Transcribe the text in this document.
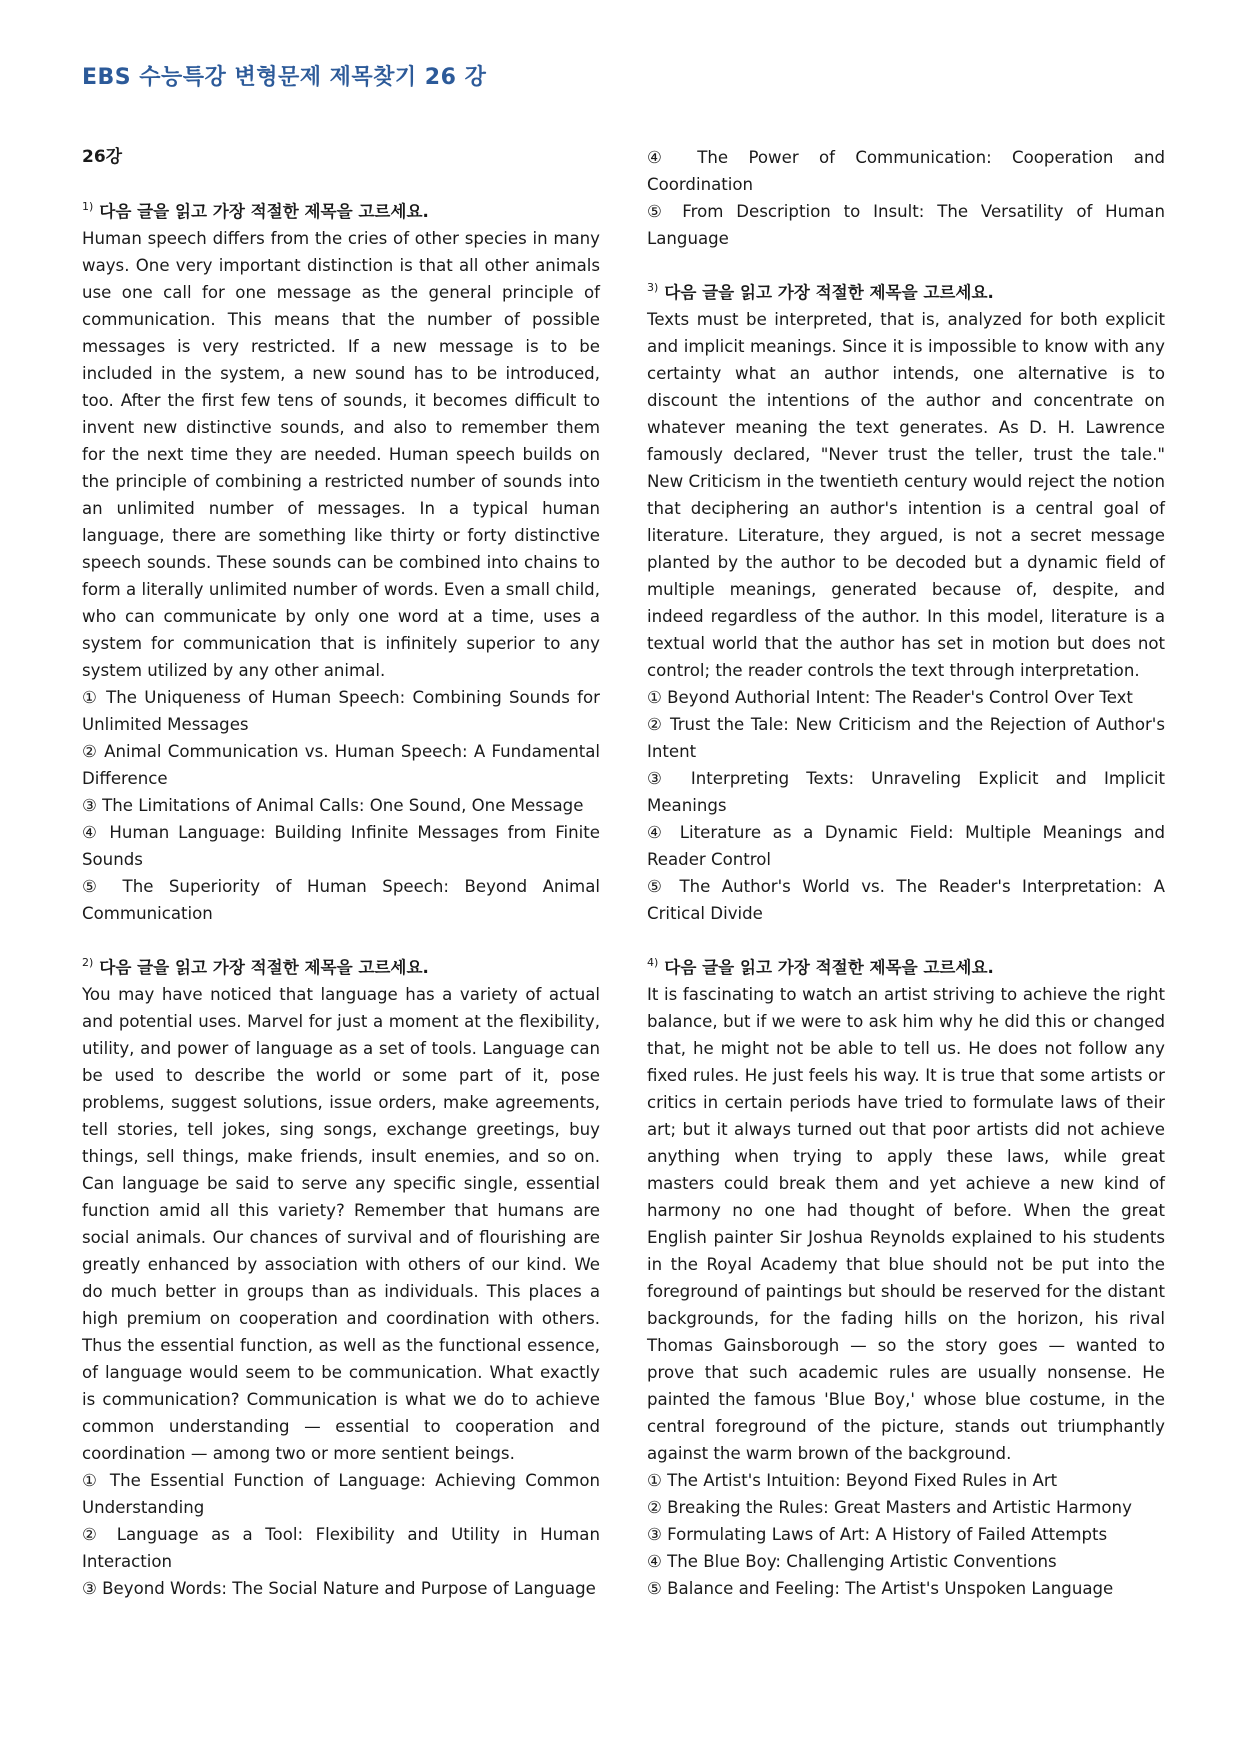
EBS 수능특강 변형문제 제목찾기 26 강
26강
$^{1)}$ 다음 글을 읽고 가장 적절한 제목을 고르세요.

Human speech differs from the cries of other species in many ways. One very important distinction is that all other animals use one call for one message as the general principle of communication. This means that the number of possible messages is very restricted. If a new message is to be included in the system, a new sound has to be introduced, too. After the first few tens of sounds, it becomes difficult to invent new distinctive sounds, and also to remember them for the next time they are needed. Human speech builds on the principle of combining a restricted number of sounds into an unlimited number of messages. In a typical human language, there are something like thirty or forty distinctive speech sounds. These sounds can be combined into chains to form a literally unlimited number of words. Even a small child, who can communicate by only one word at a time, uses a system for communication that is infinitely superior to any system utilized by any other animal.

① The Uniqueness of Human Speech: Combining Sounds for Unlimited Messages
② Animal Communication vs. Human Speech: A Fundamental Difference
③ The Limitations of Animal Calls: One Sound, One Message
④ Human Language: Building Infinite Messages from Finite Sounds
⑤ The Superiority of Human Speech: Beyond Animal Communication
$^{2)}$ 다음 글을 읽고 가장 적절한 제목을 고르세요.

You may have noticed that language has a variety of actual and potential uses. Marvel for just a moment at the flexibility, utility, and power of language as a set of tools. Language can be used to describe the world or some part of it, pose problems, suggest solutions, issue orders, make agreements, tell stories, tell jokes, sing songs, exchange greetings, buy things, sell things, make friends, insult enemies, and so on. Can language be said to serve any specific single, essential function amid all this variety? Remember that humans are social animals. Our chances of survival and of flourishing are greatly enhanced by association with others of our kind. We do much better in groups than as individuals. This places a high premium on cooperation and coordination with others. Thus the essential function, as well as the functional essence, of language would seem to be communication. What exactly is communication? Communication is what we do to achieve common understanding — essential to cooperation and coordination — among two or more sentient beings.

① The Essential Function of Language: Achieving Common Understanding
② Language as a Tool: Flexibility and Utility in Human Interaction
③ Beyond Words: The Social Nature and Purpose of Language
④ The Power of Communication: Cooperation and Coordination
⑤ From Description to Insult: The Versatility of Human Language
$^{3)}$ 다음 글을 읽고 가장 적절한 제목을 고르세요.

Texts must be interpreted, that is, analyzed for both explicit and implicit meanings. Since it is impossible to know with any certainty what an author intends, one alternative is to discount the intentions of the author and concentrate on whatever meaning the text generates. As D. H. Lawrence famously declared, "Never trust the teller, trust the tale." New Criticism in the twentieth century would reject the notion that deciphering an author's intention is a central goal of literature. Literature, they argued, is not a secret message planted by the author to be decoded but a dynamic field of multiple meanings, generated because of, despite, and indeed regardless of the author. In this model, literature is a textual world that the author has set in motion but does not control; the reader controls the text through interpretation.

① Beyond Authorial Intent: The Reader's Control Over Text
② Trust the Tale: New Criticism and the Rejection of Author's Intent
③ Interpreting Texts: Unraveling Explicit and Implicit Meanings
④ Literature as a Dynamic Field: Multiple Meanings and Reader Control
⑤ The Author's World vs. The Reader's Interpretation: A Critical Divide
$^{4)}$ 다음 글을 읽고 가장 적절한 제목을 고르세요.

It is fascinating to watch an artist striving to achieve the right balance, but if we were to ask him why he did this or changed that, he might not be able to tell us. He does not follow any fixed rules. He just feels his way. It is true that some artists or critics in certain periods have tried to formulate laws of their art; but it always turned out that poor artists did not achieve anything when trying to apply these laws, while great masters could break them and yet achieve a new kind of harmony no one had thought of before. When the great English painter Sir Joshua Reynolds explained to his students in the Royal Academy that blue should not be put into the foreground of paintings but should be reserved for the distant backgrounds, for the fading hills on the horizon, his rival Thomas Gainsborough — so the story goes — wanted to prove that such academic rules are usually nonsense. He painted the famous 'Blue Boy,' whose blue costume, in the central foreground of the picture, stands out triumphantly against the warm brown of the background.

① The Artist's Intuition: Beyond Fixed Rules in Art
② Breaking the Rules: Great Masters and Artistic Harmony
③ Formulating Laws of Art: A History of Failed Attempts
④ The Blue Boy: Challenging Artistic Conventions
⑤ Balance and Feeling: The Artist's Unspoken Language
